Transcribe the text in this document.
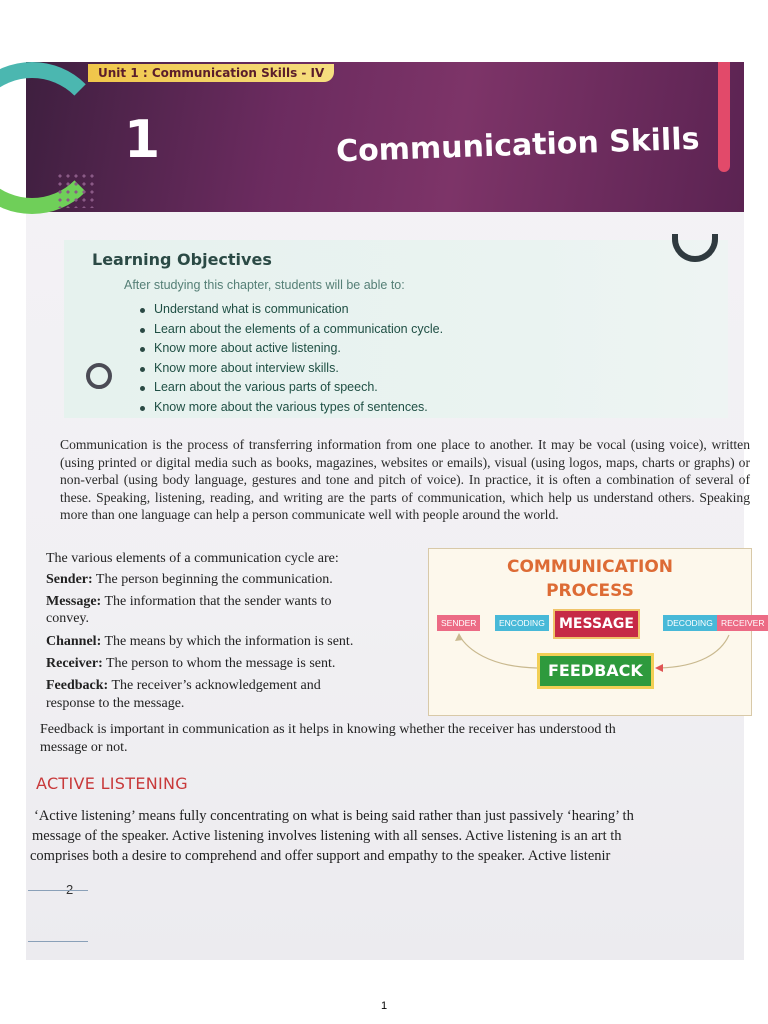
Unit 1 : Communication Skills - IV
1	Communication Skills
Learning Objectives
After studying this chapter, students will be able to:
Understand what is communication
Learn about the elements of a communication cycle.
Know more about active listening.
Know more about interview skills.
Learn about the various parts of speech.
Know more about the various types of sentences.

Communication is the process of transferring information from one place to another. It may be vocal (using voice), written (using printed or digital media such as books, magazines, websites or emails), visual (using logos, maps, charts or graphs) or non-verbal (using body language, gestures and tone and pitch of voice). In practice, it is often a combination of several of these. Speaking, listening, reading, and writing are the parts of communication, which help us understand others. Speaking more than one language can help a person communicate well with people around the world.

The various elements of a communication cycle are:
Sender: The person beginning the communication.
Message: The information that the sender wants to
convey.
Channel: The means by which the information is sent.
Receiver: The person to whom the message is sent.
Feedback: The receiver’s acknowledgement and
response to the message.
COMMUNICATION
PROCESS
SENDER	ENCODING	MESSAGE	DECODING RECEIVER
FEEDBACK
Feedback is important in communication as it helps in knowing whether the receiver has understood th
message or not.
ACTIVE LISTENING
‘Active listening’ means fully concentrating on what is being said rather than just passively ‘hearing’ th
message of the speaker. Active listening involves listening with all senses. Active listening is an art th
comprises both a desire to comprehend and offer support and empathy to the speaker. Active listenir
2
1
